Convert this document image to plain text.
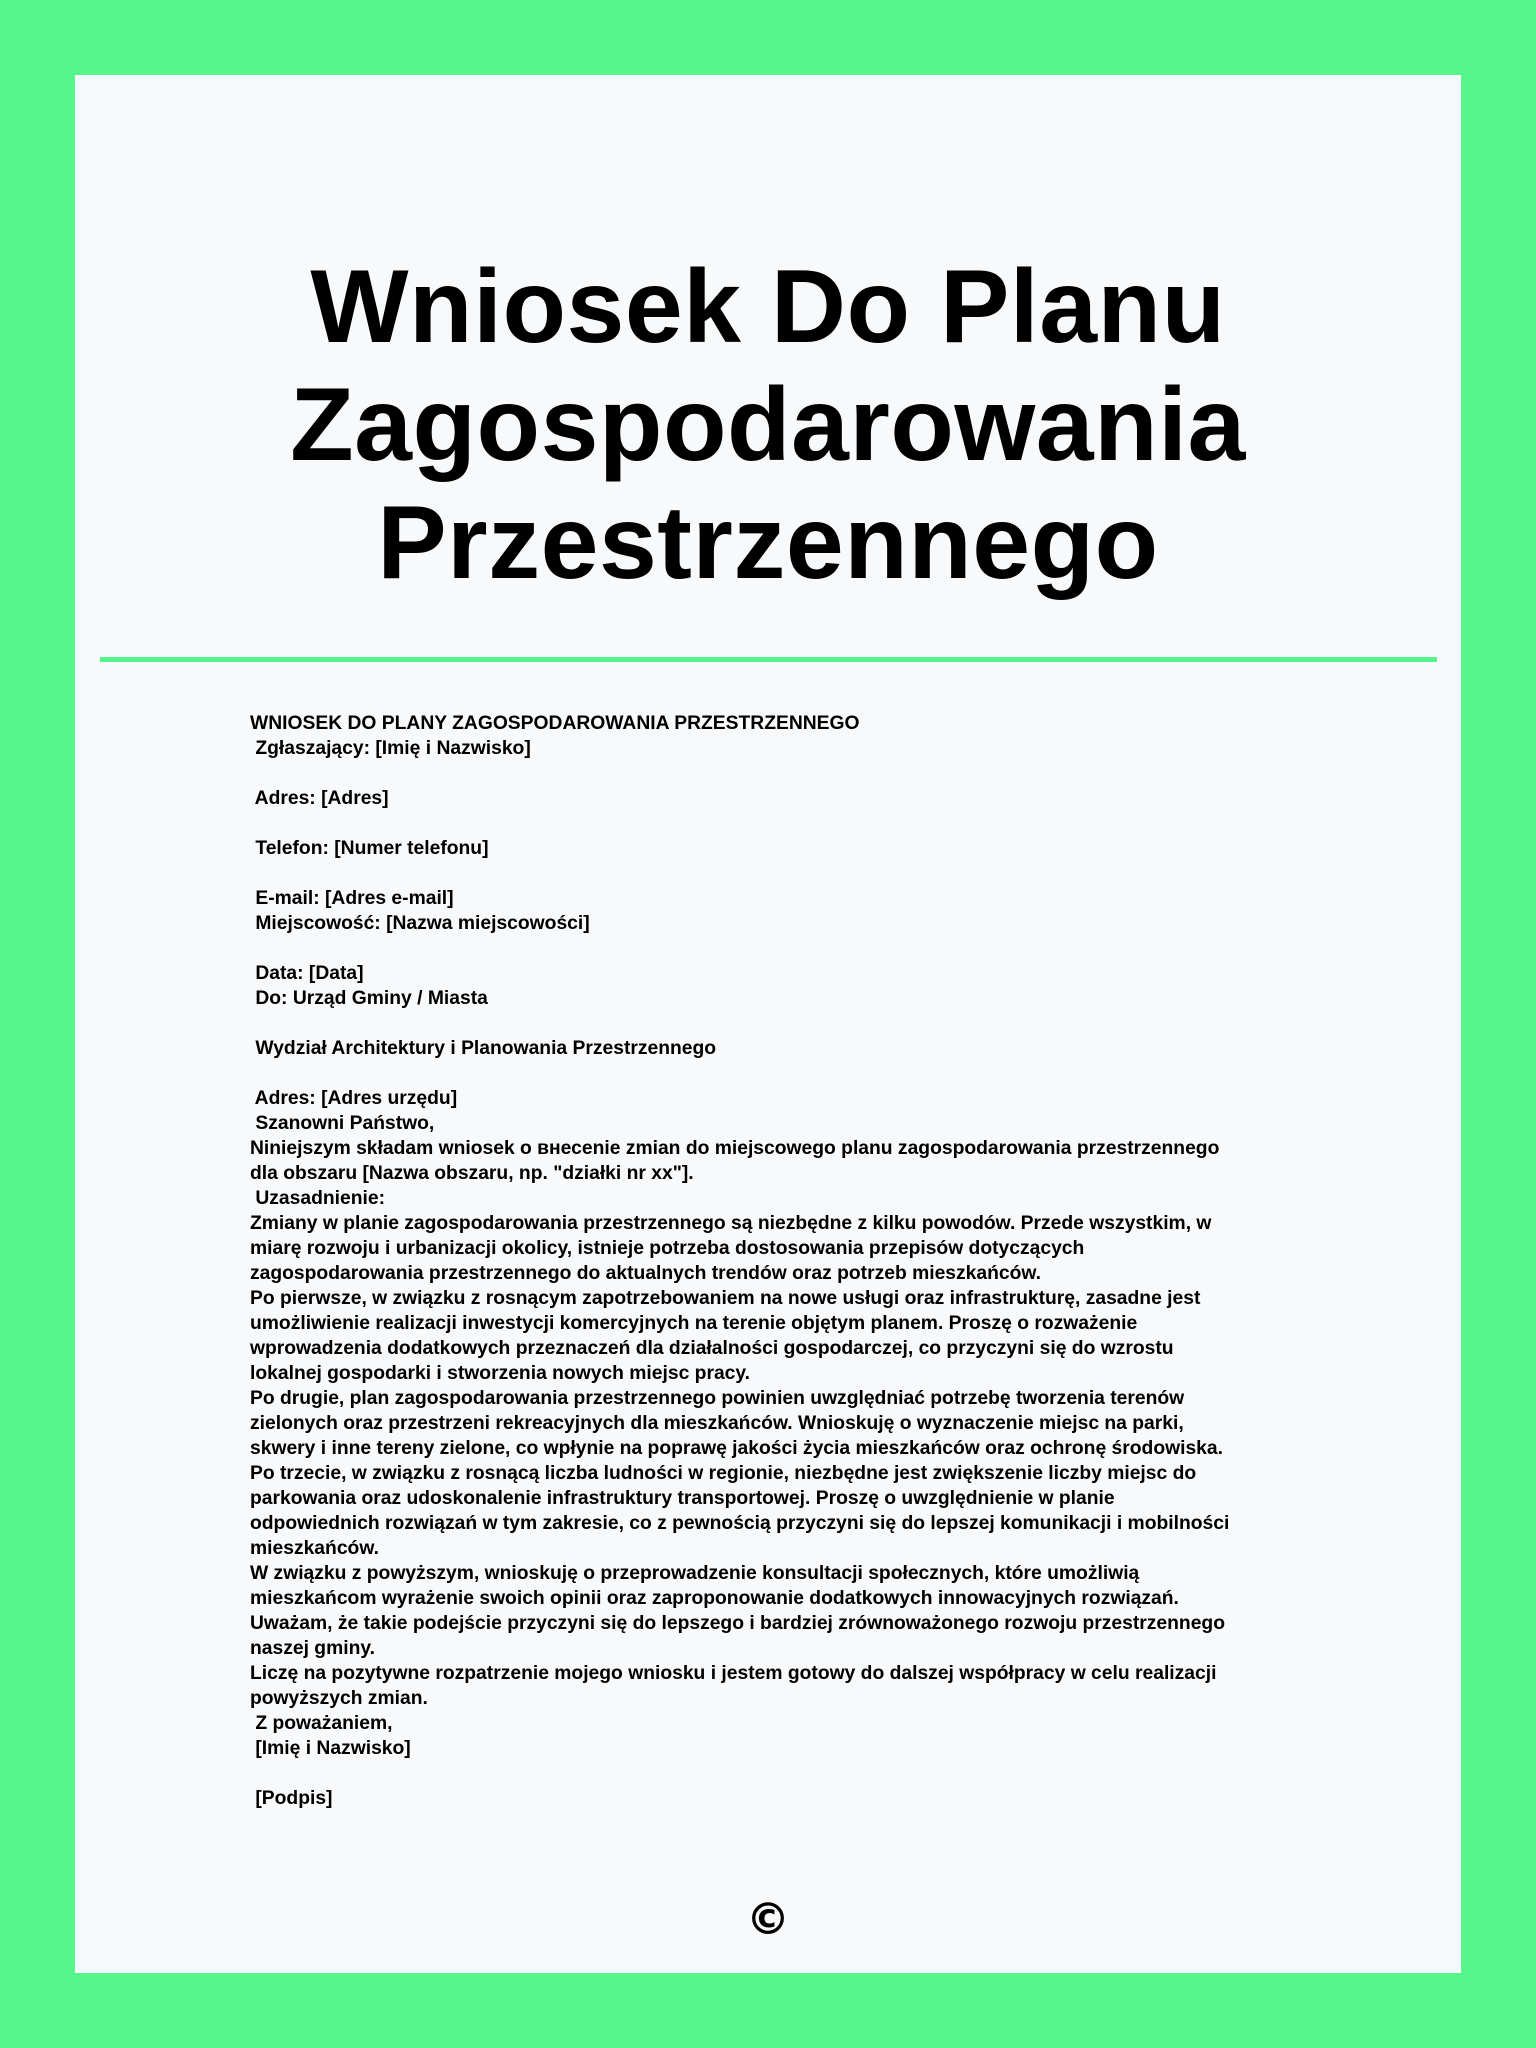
Wniosek Do Planu
Zagospodarowania
Przestrzennego
WNIOSEK DO PLANY ZAGOSPODAROWANIA PRZESTRZENNEGO
Zgłaszający: [Imię i Nazwisko]
Adres: [Adres]
Telefon: [Numer telefonu]
E-mail: [Adres e-mail]
Miejscowość: [Nazwa miejscowości]
Data: [Data]
Do: Urząd Gminy / Miasta
Wydział Architektury i Planowania Przestrzennego
Adres: [Adres urzędu]
Szanowni Państwo,
Niniejszym składam wniosek o внесenie zmian do miejscowego planu zagospodarowania przestrzennego
dla obszaru [Nazwa obszaru, np. "działki nr xx"].
Uzasadnienie:
Zmiany w planie zagospodarowania przestrzennego są niezbędne z kilku powodów. Przede wszystkim, w
miarę rozwoju i urbanizacji okolicy, istnieje potrzeba dostosowania przepisów dotyczących
zagospodarowania przestrzennego do aktualnych trendów oraz potrzeb mieszkańców.
Po pierwsze, w związku z rosnącym zapotrzebowaniem na nowe usługi oraz infrastrukturę, zasadne jest
umożliwienie realizacji inwestycji komercyjnych na terenie objętym planem. Proszę o rozważenie
wprowadzenia dodatkowych przeznaczeń dla działalności gospodarczej, co przyczyni się do wzrostu
lokalnej gospodarki i stworzenia nowych miejsc pracy.
Po drugie, plan zagospodarowania przestrzennego powinien uwzględniać potrzebę tworzenia terenów
zielonych oraz przestrzeni rekreacyjnych dla mieszkańców. Wnioskuję o wyznaczenie miejsc na parki,
skwery i inne tereny zielone, co wpłynie na poprawę jakości życia mieszkańców oraz ochronę środowiska.
Po trzecie, w związku z rosnącą liczba ludności w regionie, niezbędne jest zwiększenie liczby miejsc do
parkowania oraz udoskonalenie infrastruktury transportowej. Proszę o uwzględnienie w planie
odpowiednich rozwiązań w tym zakresie, co z pewnością przyczyni się do lepszej komunikacji i mobilności
mieszkańców.
W związku z powyższym, wnioskuję o przeprowadzenie konsultacji społecznych, które umożliwią
mieszkańcom wyrażenie swoich opinii oraz zaproponowanie dodatkowych innowacyjnych rozwiązań.
Uważam, że takie podejście przyczyni się do lepszego i bardziej zrównoważonego rozwoju przestrzennego
naszej gminy.
Liczę na pozytywne rozpatrzenie mojego wniosku i jestem gotowy do dalszej współpracy w celu realizacji
powyższych zmian.
Z poważaniem,
[Imię i Nazwisko]
[Podpis]
©
